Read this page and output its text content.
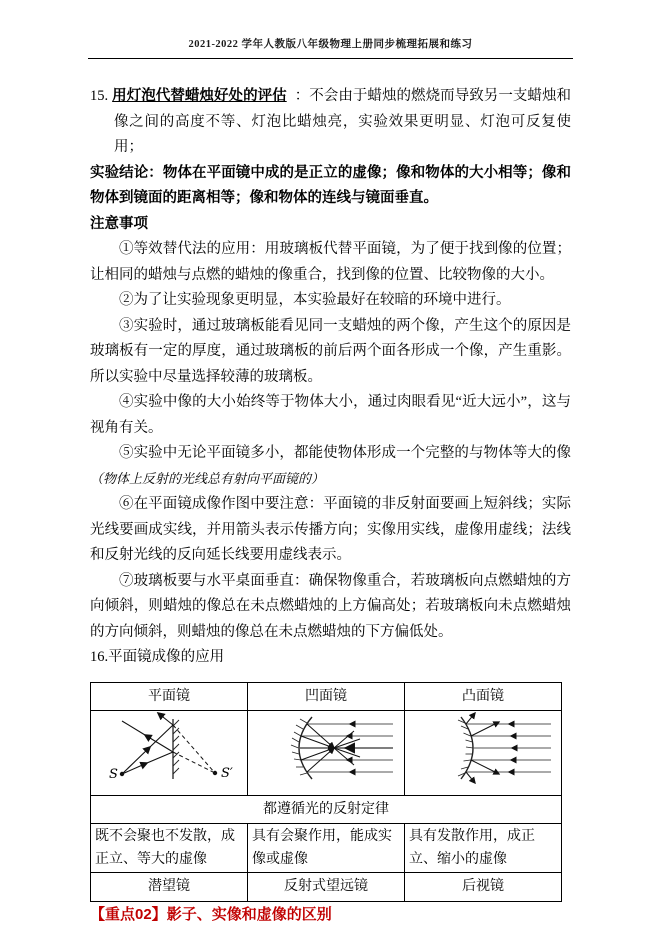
2021-2022 学年人教版八年级物理上册同步梳理拓展和练习

15. 用灯泡代替蜡烛好处的评估 ：不会由于蜡烛的燃烧而导致另一支蜡烛和像之间的高度不等、灯泡比蜡烛亮，实验效果更明显、灯泡可反复使用；

实验结论：物体在平面镜中成的是正立的虚像；像和物体的大小相等；像和物体到镜面的距离相等；像和物体的连线与镜面垂直。

注意事项

①等效替代法的应用：用玻璃板代替平面镜，为了便于找到像的位置；让相同的蜡烛与点燃的蜡烛的像重合，找到像的位置、比较物像的大小。

②为了让实验现象更明显，本实验最好在较暗的环境中进行。

③实验时，通过玻璃板能看见同一支蜡烛的两个像，产生这个的原因是玻璃板有一定的厚度，通过玻璃板的前后两个面各形成一个像，产生重影。所以实验中尽量选择较薄的玻璃板。

④实验中像的大小始终等于物体大小，通过肉眼看见“近大远小”，这与视角有关。

⑤实验中无论平面镜多小，都能使物体形成一个完整的与物体等大的像（物体上反射的光线总有射向平面镜的）

⑥在平面镜成像作图中要注意：平面镜的非反射面要画上短斜线；实际光线要画成实线，并用箭头表示传播方向；实像用实线，虚像用虚线；法线和反射光线的反向延长线要用虚线表示。

⑦玻璃板要与水平桌面垂直：确保物像重合，若玻璃板向点燃蜡烛的方向倾斜，则蜡烛的像总在未点燃蜡烛的上方偏高处；若玻璃板向未点燃蜡烛的方向倾斜，则蜡烛的像总在未点燃蜡烛的下方偏低处。

16.平面镜成像的应用

平面镜	凹面镜	凸面镜

S S′

都遵循光的反射定律		
既不会聚也不发散，成正立、等大的虚像	具有会聚作用，能成实像或虚像	具有发散作用，成正立、缩小的虚像
潜望镜	反射式望远镜	后视镜

【重点02】影子、实像和虚像的区别
